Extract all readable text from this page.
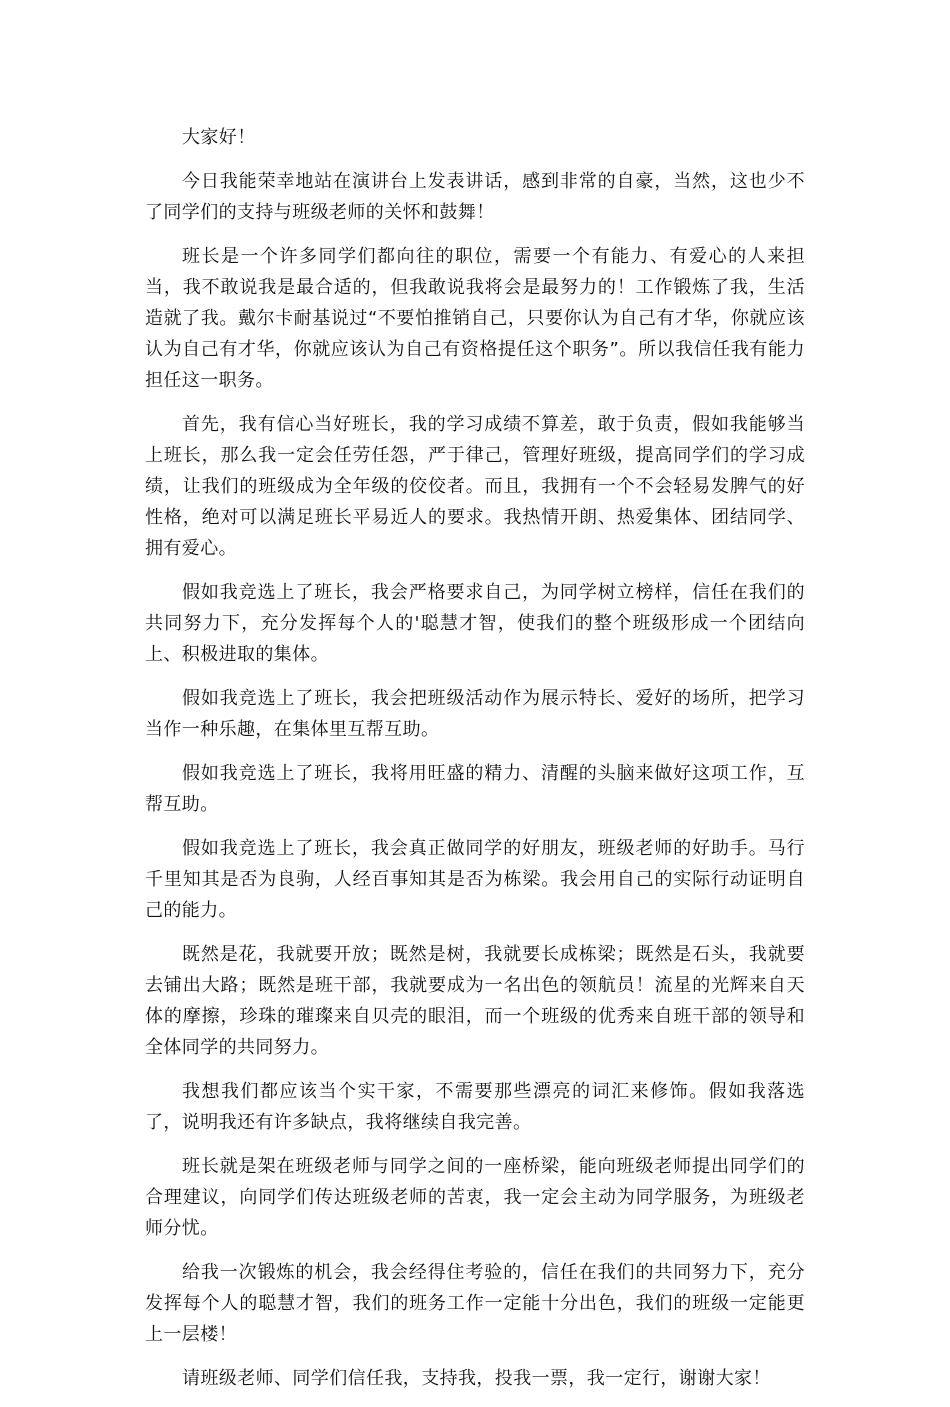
大家好！

今日我能荣幸地站在演讲台上发表讲话，感到非常的自豪，当然，这也少不了同学们的支持与班级老师的关怀和鼓舞！

班长是一个许多同学们都向往的职位，需要一个有能力、有爱心的人来担当，我不敢说我是最合适的，但我敢说我将会是最努力的！工作锻炼了我，生活造就了我。戴尔卡耐基说过“不要怕推销自己，只要你认为自己有才华，你就应该认为自己有才华，你就应该认为自己有资格提任这个职务”。所以我信任我有能力担任这一职务。

首先，我有信心当好班长，我的学习成绩不算差，敢于负责，假如我能够当上班长，那么我一定会任劳任怨，严于律己，管理好班级，提高同学们的学习成绩，让我们的班级成为全年级的佼佼者。而且，我拥有一个不会轻易发脾气的好性格，绝对可以满足班长平易近人的要求。我热情开朗、热爱集体、团结同学、拥有爱心。

假如我竞选上了班长，我会严格要求自己，为同学树立榜样，信任在我们的共同努力下，充分发挥每个人的'聪慧才智，使我们的整个班级形成一个团结向上、积极进取的集体。

假如我竞选上了班长，我会把班级活动作为展示特长、爱好的场所，把学习当作一种乐趣，在集体里互帮互助。

假如我竞选上了班长，我将用旺盛的精力、清醒的头脑来做好这项工作，互帮互助。

假如我竞选上了班长，我会真正做同学的好朋友，班级老师的好助手。马行千里知其是否为良驹，人经百事知其是否为栋梁。我会用自己的实际行动证明自己的能力。

既然是花，我就要开放；既然是树，我就要长成栋梁；既然是石头，我就要去铺出大路；既然是班干部，我就要成为一名出色的领航员！流星的光辉来自天体的摩擦，珍珠的璀璨来自贝壳的眼泪，而一个班级的优秀来自班干部的领导和全体同学的共同努力。

我想我们都应该当个实干家，不需要那些漂亮的词汇来修饰。假如我落选了，说明我还有许多缺点，我将继续自我完善。

班长就是架在班级老师与同学之间的一座桥梁，能向班级老师提出同学们的合理建议，向同学们传达班级老师的苦衷，我一定会主动为同学服务，为班级老师分忧。

给我一次锻炼的机会，我会经得住考验的，信任在我们的共同努力下，充分发挥每个人的聪慧才智，我们的班务工作一定能十分出色，我们的班级一定能更上一层楼！

请班级老师、同学们信任我，支持我，投我一票，我一定行，谢谢大家！
